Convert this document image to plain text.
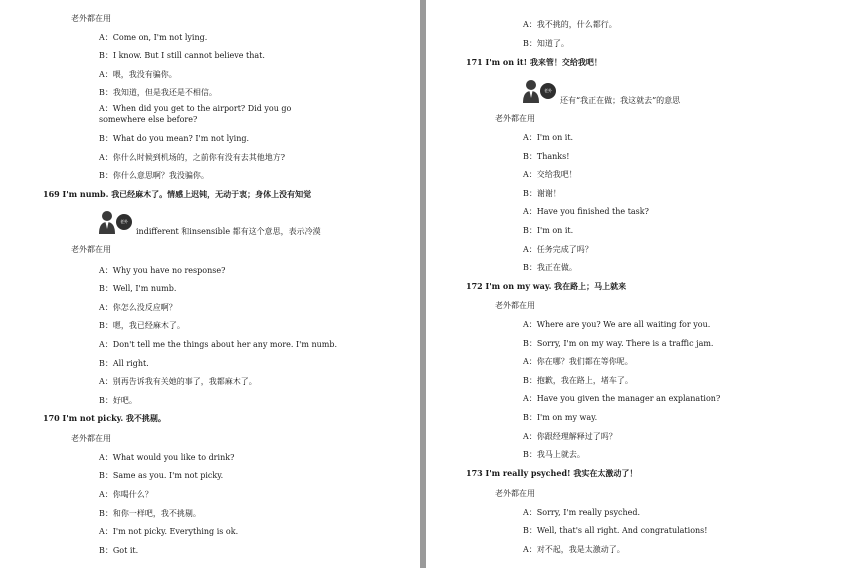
老外都在用
A：Come on, I'm not lying.
B：I know. But I still cannot believe that.
A：喂，我没有骗你。
B：我知道，但是我还是不相信。
A：When did you get to the airport? Did you go somewhere else before?
B：What do you mean? I'm not lying.
A：你什么时候到机场的，之前你有没有去其他地方?
B：你什么意思啊？我没骗你。
169 I'm numb. 我已经麻木了。情感上迟钝，无动于衷；身体上没有知觉
indifferent 和insensible 都有这个意思，表示冷漠
老外都在用
A：Why you have no response?
B：Well, I'm numb.
A：你怎么没反应啊？
B：嗯，我已经麻木了。
A：Don't tell me the things about her any more. I'm numb.
B：All right.
A：别再告诉我有关她的事了，我都麻木了。
B：好吧。
170 I'm not picky. 我不挑剔。
老外都在用
A：What would you like to drink?
B：Same as you. I'm not picky.
A：你喝什么？
B：和你一样吧，我不挑剔。
A：I'm not picky. Everything is ok.
B：Got it.
老外
A：我不挑的，什么都行。
B：知道了。
171 I'm on it! 我来管！交给我吧！
还有“我正在做；我这就去”的意思
老外都在用
A：I'm on it.
B：Thanks!
A：交给我吧！
B：谢谢！
A：Have you finished the task?
B：I'm on it.
A：任务完成了吗？
B：我正在做。
172 I'm on my way. 我在路上；马上就来
老外都在用
A：Where are you? We are all waiting for you.
B：Sorry, I'm on my way. There is a traffic jam.
A：你在哪？我们都在等你呢。
B：抱歉，我在路上，堵车了。
A：Have you given the manager an explanation?
B：I'm on my way.
A：你跟经理解释过了吗？
B：我马上就去。
173 I'm really psyched! 我实在太激动了！
老外都在用
A：Sorry, I'm really psyched.
B：Well, that's all right. And congratulations!
A：对不起，我是太激动了。
老外
